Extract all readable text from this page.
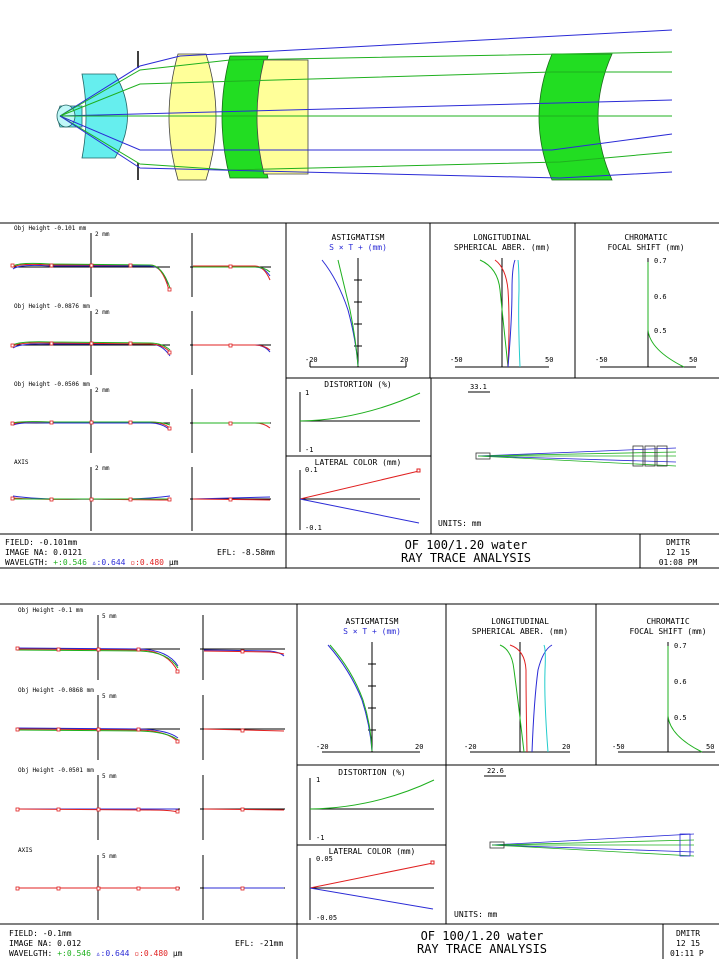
Obj Height -0.101 mm
Obj Height -0.0876 mm
Obj Height -0.0506 mm
AXIS
2 mm
2 mm
2 mm
2 mm
ASTIGMATISM
S × T + (mm)
-20	20
LONGITUDINAL
SPHERICAL ABER. (mm)
-50	50
CHROMATIC
FOCAL SHIFT (mm)
0.7
0.6
0.5
-50	50
DISTORTION (%)
1
-1
LATERAL COLOR (mm)
0.1
-0.1
33.1
UNITS: mm
FIELD: -0.101mm
IMAGE NA: 0.0121
WAVELGTH: +:0.546 ▵:0.644 ▫:0.480 μm
EFL: -8.58mm
OF 100/1.20 water
RAY TRACE ANALYSIS
DMITR
12 15
01:08 PM
Obj Height -0.1 mm
Obj Height -0.0868 mm
Obj Height -0.0501 mm
AXIS
5 mm
5 mm
5 mm
5 mm
ASTIGMATISM
S × T + (mm)
-20	20
LONGITUDINAL
SPHERICAL ABER. (mm)
-20	20
CHROMATIC
FOCAL SHIFT (mm)
0.7
0.6
0.5
-50	50
DISTORTION (%)
1
-1
LATERAL COLOR (mm)
0.05
-0.05
22.6
UNITS: mm
FIELD: -0.1mm
IMAGE NA: 0.012
WAVELGTH: +:0.546 ▵:0.644 ▫:0.480 μm
EFL: -21mm
OF 100/1.20 water
RAY TRACE ANALYSIS
DMITR
12 15
01:11 P
